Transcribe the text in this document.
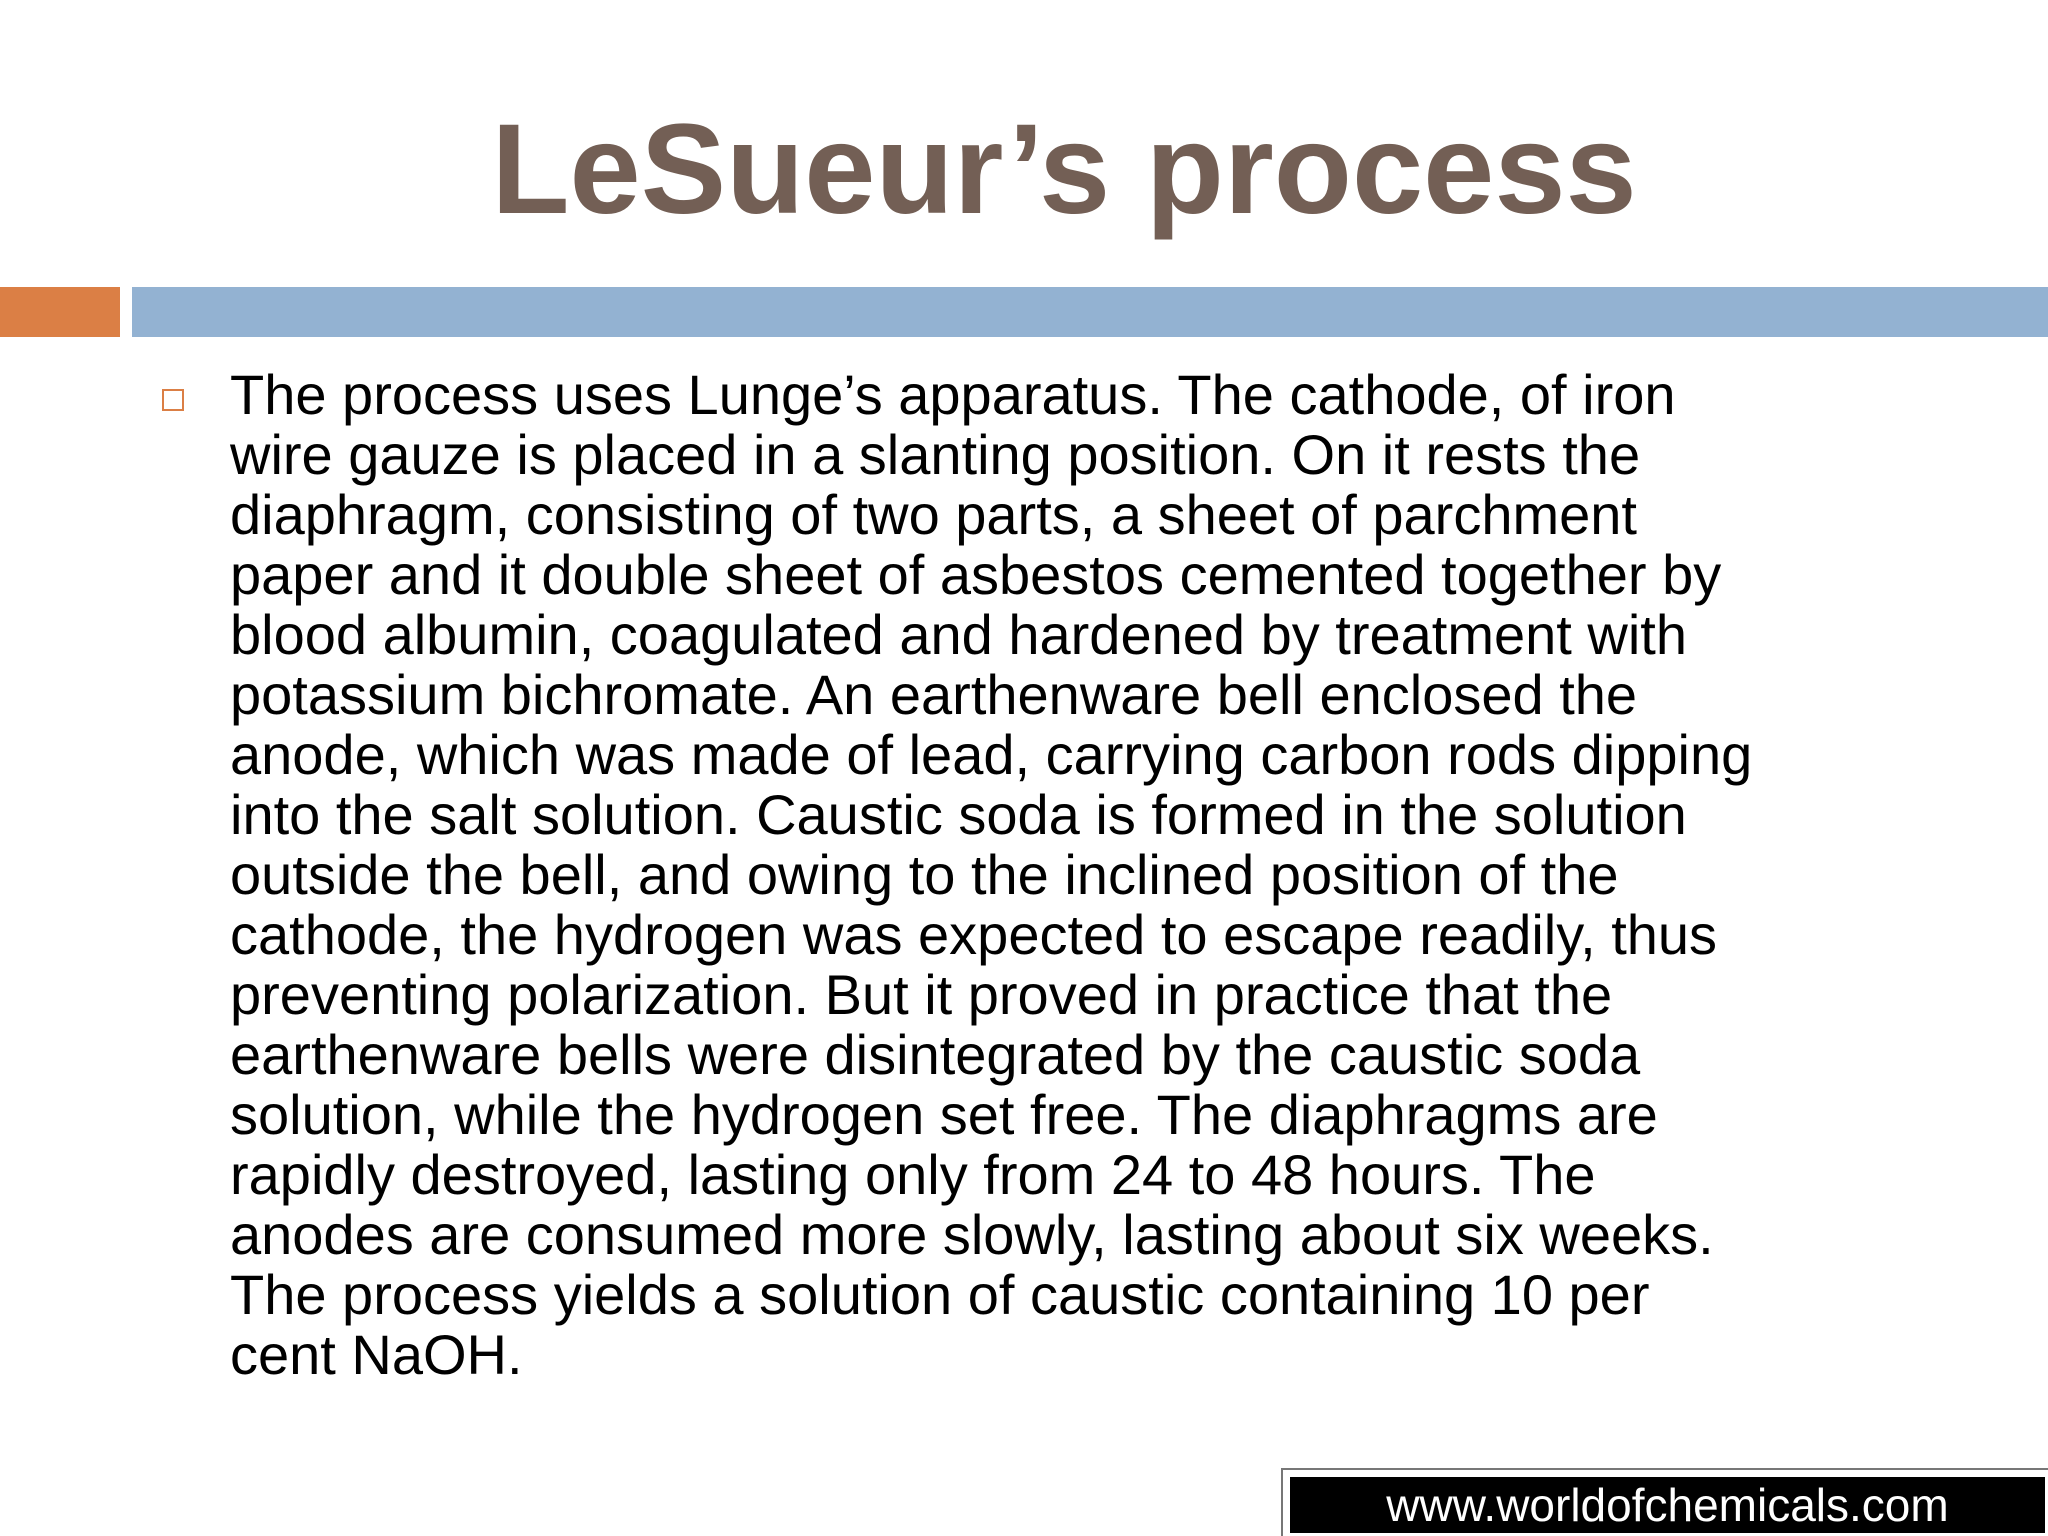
LeSueur’s process

The process uses Lunge’s apparatus. The cathode, of iron
wire gauze is placed in a slanting position. On it rests the
diaphragm, consisting of two parts, a sheet of parchment
paper and it double sheet of asbestos cemented together by
blood albumin, coagulated and hardened by treatment with
potassium bichromate. An earthenware bell enclosed the
anode, which was made of lead, carrying carbon rods dipping
into the salt solution. Caustic soda is formed in the solution
outside the bell, and owing to the inclined position of the
cathode, the hydrogen was expected to escape readily, thus
preventing polarization. But it proved in practice that the
earthenware bells were disintegrated by the caustic soda
solution, while the hydrogen set free. The diaphragms are
rapidly destroyed, lasting only from 24 to 48 hours. The
anodes are consumed more slowly, lasting about six weeks.
The process yields a solution of caustic containing 10 per
cent NaOH.

www.worldofchemicals.com
